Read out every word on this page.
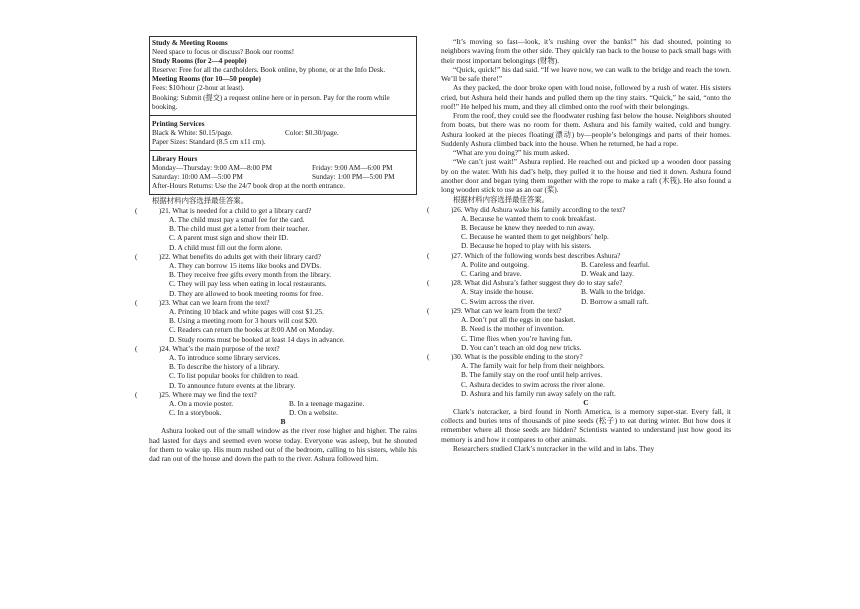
Study & Meeting Rooms
Need space to focus or discuss? Book our rooms!
Study Rooms (for 2—4 people)
Reserve: Free for all the cardholders. Book online, by phone, or at the Info Desk.
Meeting Rooms (for 10—50 people)
Fees: $10/hour (2-hour at least).
Booking: Submit (提交) a request online here or in person. Pay for the room while booking.
Printing Services
Black & White: $0.15/page.	Color: $0.30/page.
Paper Sizes: Standard (8.5 cm x11 cm).
Library Hours
Monday—Thursday: 9:00 AM—8:00 PM	Friday: 9:00 AM—6:00 PM
Saturday: 10:00 AM—5:00 PM	Sunday: 1:00 PM—5:00 PM
After-Hours Returns: Use the 24/7 book drop at the north entrance.
根据材料内容选择最佳答案。
(	)21. What is needed for a child to get a library card?
A. The child must pay a small fee for the card.
B. The child must get a letter from their teacher.
C. A parent must sign and show their ID.
D. A child must fill out the form alone.
(	)22. What benefits do adults get with their library card?
A. They can borrow 15 items like books and DVDs.
B. They receive free gifts every month from the library.
C. They will pay less when eating in local restaurants.
D. They are allowed to book meeting rooms for free.
(	)23. What can we learn from the text?
A. Printing 10 black and white pages will cost $1.25.
B. Using a meeting room for 3 hours will cost $20.
C. Readers can return the books at 8:00 AM on Monday.
D. Study rooms must be booked at least 14 days in advance.
(	)24. What’s the main purpose of the text?
A. To introduce some library services.
B. To describe the history of a library.
C. To list popular books for children to read.
D. To announce future events at the library.
(	)25. Where may we find the text?
A. On a movie poster.	B. In a teenage magazine.
C. In a storybook.	D. On a website.
B

Ashura looked out of the small window as the river rose higher and higher. The rains had lasted for days and seemed even worse today. Everyone was asleep, but he shouted for them to wake up. His mum rushed out of the bedroom, calling to his sisters, while his dad ran out of the house and down the path to the river. Ashura followed him.

“It’s moving so fast—look, it’s rushing over the banks!” his dad shouted, pointing to neighbors waving from the other side. They quickly ran back to the house to pack small bags with their most important belongings (财物).

“Quick, quick!” his dad said. “If we leave now, we can walk to the bridge and reach the town. We’ll be safe there!”

As they packed, the door broke open with loud noise, followed by a rush of water. His sisters cried, but Ashura held their hands and pulled them up the tiny stairs. “Quick,” he said, “onto the roof!” He helped his mum, and they all climbed onto the roof with their belongings.

From the roof, they could see the floodwater rushing fast below the house. Neighbors shouted from boats, but there was no room for them. Ashura and his family waited, cold and hungry. Ashura looked at the pieces floating(漂动) by—people’s belongings and parts of their homes. Suddenly Ashura climbed back into the house. When he returned, he had a rope.

“What are you doing?” his mum asked.

“We can’t just wait!” Ashura replied. He reached out and picked up a wooden door passing by on the water. With his dad’s help, they pulled it to the house and tied it down. Ashura found another door and began tying them together with the rope to make a raft (木筏). He also found a long wooden stick to use as an oar (桨).

根据材料内容选择最佳答案。
(	)26. Why did Ashura wake his family according to the text?
A. Because he wanted them to cook breakfast.
B. Because he knew they needed to run away.
C. Because he wanted them to get neighbors’ help.
D. Because he hoped to play with his sisters.
(	)27. Which of the following words best describes Ashura?
A. Polite and outgoing.	B. Careless and fearful.
C. Caring and brave.	D. Weak and lazy.
(	)28. What did Ashura’s father suggest they do to stay safe?
A. Stay inside the house.	B. Walk to the bridge.
C. Swim across the river.	D. Borrow a small raft.
(	)29. What can we learn from the text?
A. Don’t put all the eggs in one basket.
B. Need is the mother of invention.
C. Time flies when you’re having fun.
D. You can’t teach an old dog new tricks.
(	)30. What is the possible ending to the story?
A. The family wait for help from their neighbors.
B. The family stay on the roof until help arrives.
C. Ashura decides to swim across the river alone.
D. Ashura and his family run away safely on the raft.
C

Clark’s nutcracker, a bird found in North America, is a memory super-star. Every fall, it collects and buries tens of thousands of pine seeds (松子) to eat during winter. But how does it remember where all those seeds are hidden? Scientists wanted to understand just how good its memory is and how it compares to other animals.

Researchers studied Clark’s nutcracker in the wild and in labs. They
